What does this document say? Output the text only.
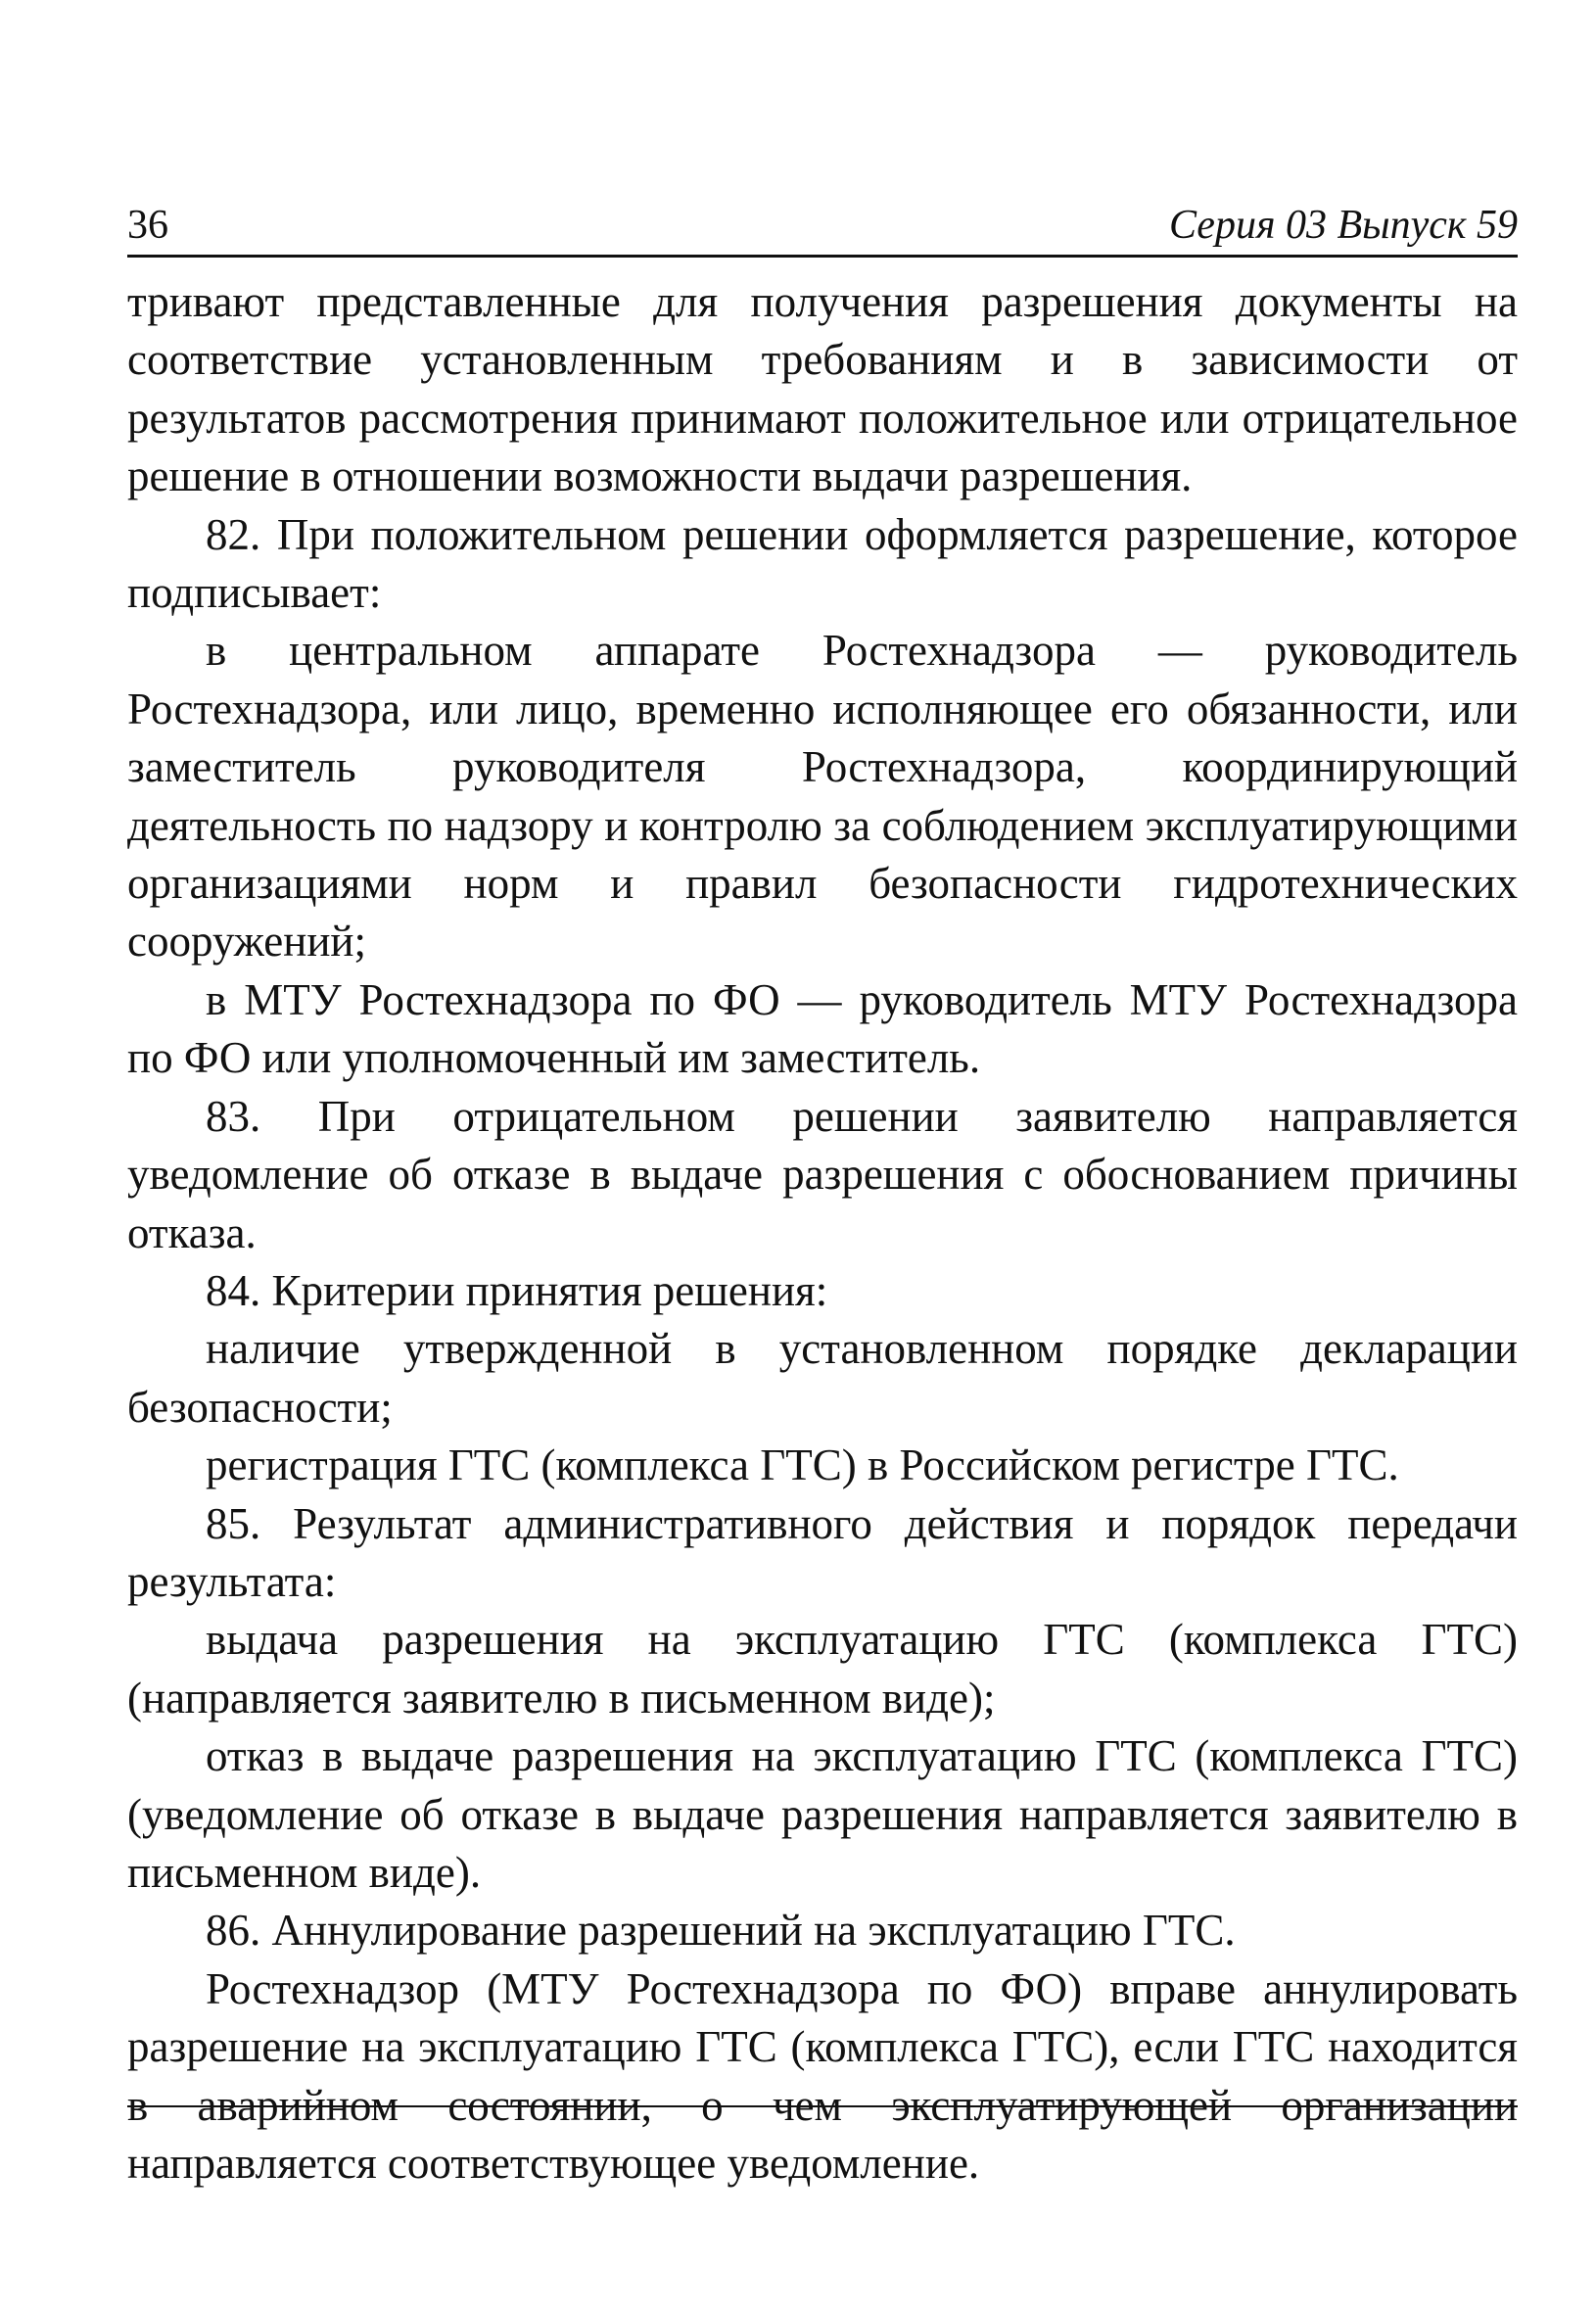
36	Серия 03 Выпуск 59

тривают представленные для получения разрешения документы на соответствие установленным требованиям и в зависимости от результатов рассмотрения принимают положительное или отрицательное решение в отношении возможности выдачи разрешения.

82. При положительном решении оформляется разрешение, которое подписывает:

в центральном аппарате Ростехнадзора — руководитель Ростехнадзора, или лицо, временно исполняющее его обязанности, или заместитель руководителя Ростехнадзора, координирующий деятельность по надзору и контролю за соблюдением эксплуатирующими организациями норм и правил безопасности гидротехнических сооружений;

в МТУ Ростехнадзора по ФО — руководитель МТУ Ростехнадзора по ФО или уполномоченный им заместитель.

83. При отрицательном решении заявителю направляется уведомление об отказе в выдаче разрешения с обоснованием причины отказа.

84. Критерии принятия решения:

наличие утвержденной в установленном порядке декларации безопасности;

регистрация ГТС (комплекса ГТС) в Российском регистре ГТС.

85. Результат административного действия и порядок передачи результата:

выдача разрешения на эксплуатацию ГТС (комплекса ГТС) (направляется заявителю в письменном виде);

отказ в выдаче разрешения на эксплуатацию ГТС (комплекса ГТС) (уведомление об отказе в выдаче разрешения направляется заявителю в письменном виде).

86. Аннулирование разрешений на эксплуатацию ГТС.

Ростехнадзор (МТУ Ростехнадзора по ФО) вправе аннулировать разрешение на эксплуатацию ГТС (комплекса ГТС), если ГТС находится в аварийном состоянии, о чем эксплуатирующей организации направляется соответствующее уведомление.
